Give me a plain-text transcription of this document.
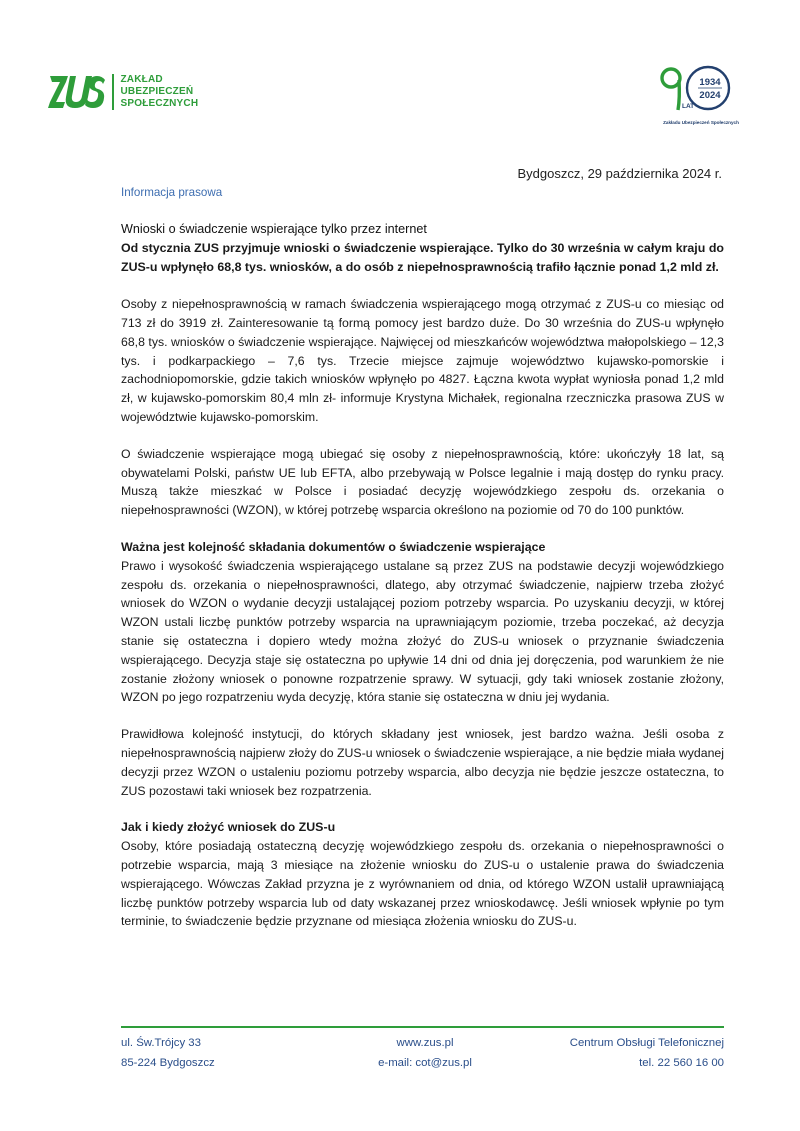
ZAKŁAD
UBEZPIECZEŃ
SPOŁECZNYCH
1934
2024
LAT
Zakładu Ubezpieczeń Społecznych
Bydgoszcz, 29 października 2024 r.
Informacja prasowa
Wnioski o świadczenie wspierające tylko przez internet

Od stycznia ZUS przyjmuje wnioski o świadczenie wspierające. Tylko do 30 września w całym kraju do ZUS-u wpłynęło 68,8 tys. wniosków, a do osób z niepełnosprawnością trafiło łącznie ponad 1,2 mld zł.

Osoby z niepełnosprawnością w ramach świadczenia wspierającego mogą otrzymać z ZUS-u co miesiąc od 713 zł do 3919 zł. Zainteresowanie tą formą pomocy jest bardzo duże. Do 30 września do ZUS-u wpłynęło 68,8 tys. wniosków o świadczenie wspierające. Najwięcej od mieszkańców województwa małopolskiego – 12,3 tys. i podkarpackiego – 7,6 tys. Trzecie miejsce zajmuje województwo kujawsko-pomorskie i zachodniopomorskie, gdzie takich wniosków wpłynęło po 4827. Łączna kwota wypłat wyniosła ponad 1,2 mld zł, w kujawsko-pomorskim 80,4 mln zł- informuje Krystyna Michałek, regionalna rzeczniczka prasowa ZUS w województwie kujawsko-pomorskim.

O świadczenie wspierające mogą ubiegać się osoby z niepełnosprawnością, które: ukończyły 18 lat, są obywatelami Polski, państw UE lub EFTA, albo przebywają w Polsce legalnie i mają dostęp do rynku pracy. Muszą także mieszkać w Polsce i posiadać decyzję wojewódzkiego zespołu ds. orzekania o niepełnosprawności (WZON), w której potrzebę wsparcia określono na poziomie od 70 do 100 punktów.

Ważna jest kolejność składania dokumentów o świadczenie wspierające

Prawo i wysokość świadczenia wspierającego ustalane są przez ZUS na podstawie decyzji wojewódzkiego zespołu ds. orzekania o niepełnosprawności, dlatego, aby otrzymać świadczenie, najpierw trzeba złożyć wniosek do WZON o wydanie decyzji ustalającej poziom potrzeby wsparcia. Po uzyskaniu decyzji, w której WZON ustali liczbę punktów potrzeby wsparcia na uprawniającym poziomie, trzeba poczekać, aż decyzja stanie się ostateczna i dopiero wtedy można złożyć do ZUS-u wniosek o przyznanie świadczenia wspierającego. Decyzja staje się ostateczna po upływie 14 dni od dnia jej doręczenia, pod warunkiem że nie zostanie złożony wniosek o ponowne rozpatrzenie sprawy. W sytuacji, gdy taki wniosek zostanie złożony, WZON po jego rozpatrzeniu wyda decyzję, która stanie się ostateczna w dniu jej wydania.

Prawidłowa kolejność instytucji, do których składany jest wniosek, jest bardzo ważna. Jeśli osoba z niepełnosprawnością najpierw złoży do ZUS-u wniosek o świadczenie wspierające, a nie będzie miała wydanej decyzji przez WZON o ustaleniu poziomu potrzeby wsparcia, albo decyzja nie będzie jeszcze ostateczna, to ZUS pozostawi taki wniosek bez rozpatrzenia.

Jak i kiedy złożyć wniosek do ZUS-u

Osoby, które posiadają ostateczną decyzję wojewódzkiego zespołu ds. orzekania o niepełnosprawności o potrzebie wsparcia, mają 3 miesiące na złożenie wniosku do ZUS-u o ustalenie prawa do świadczenia wspierającego. Wówczas Zakład przyzna je z wyrównaniem od dnia, od którego WZON ustalił uprawniającą liczbę punktów potrzeby wsparcia lub od daty wskazanej przez wnioskodawcę. Jeśli wniosek wpłynie po tym terminie, to świadczenie będzie przyznane od miesiąca złożenia wniosku do ZUS-u.

ul. Św.Trójcy 33
85-224 Bydgoszcz
www.zus.pl
e-mail: cot@zus.pl
Centrum Obsługi Telefonicznej
tel. 22 560 16 00
